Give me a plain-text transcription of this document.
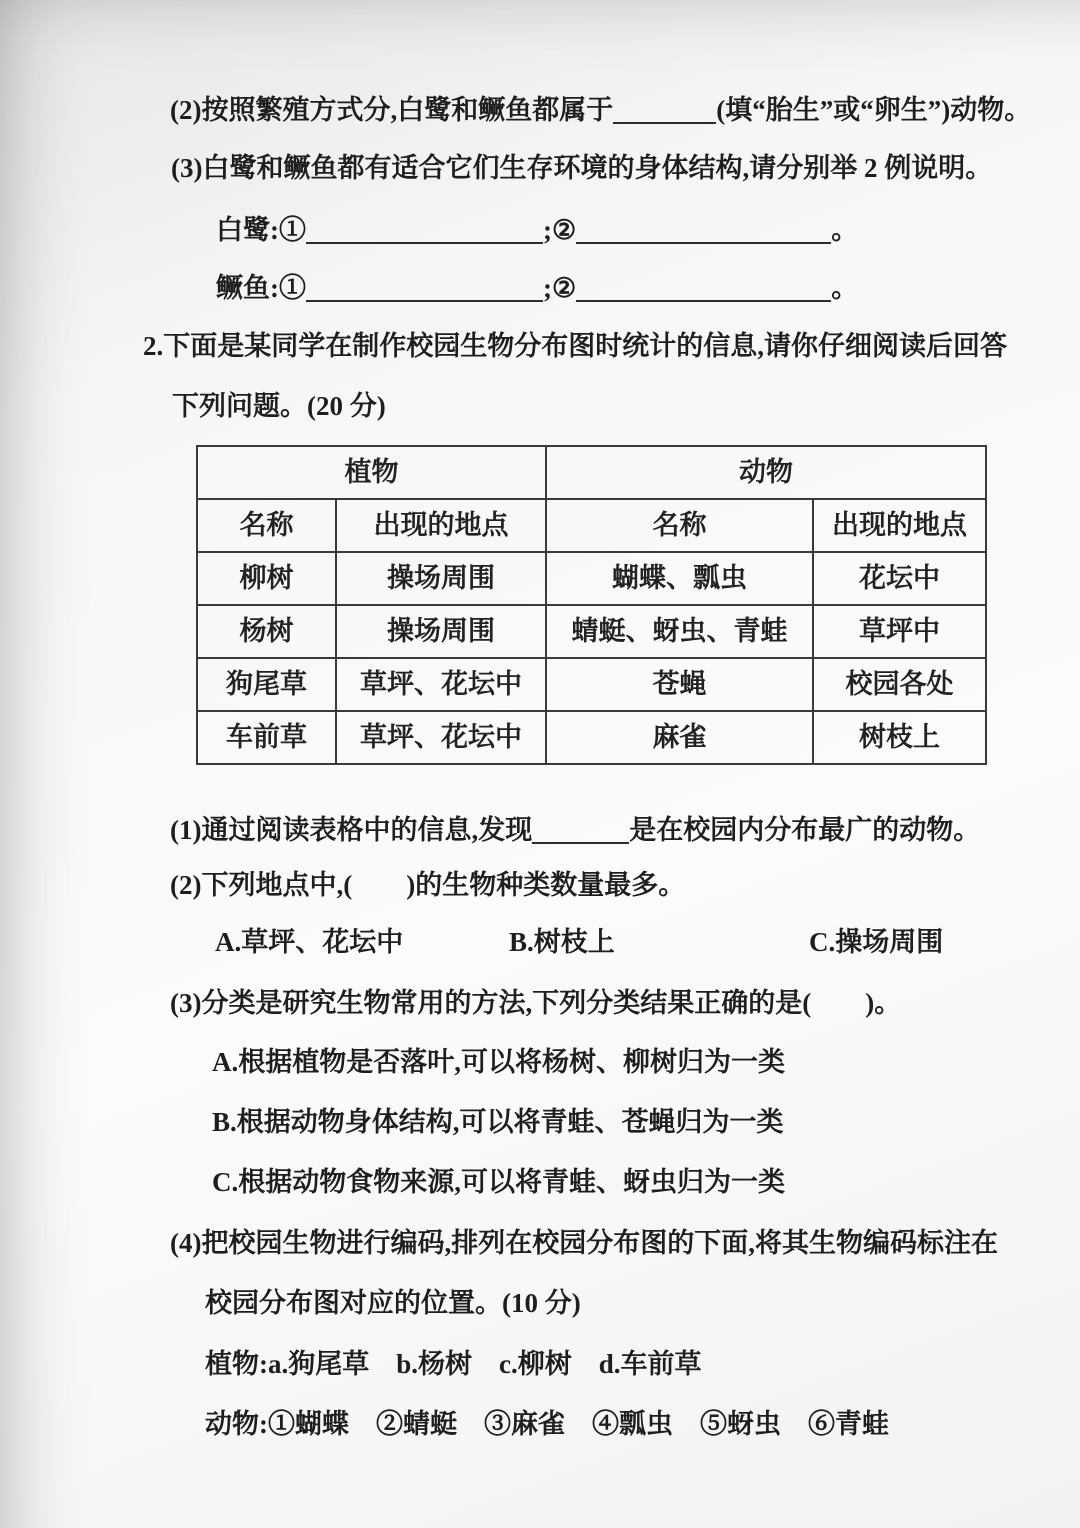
(2)按照繁殖方式分,白鹭和鳜鱼都属于	(填“胎生”或“卵生”)动物。
(3)白鹭和鳜鱼都有适合它们生存环境的身体结构,请分别举 2 例说明。
白鹭:①	;②	。
鳜鱼:①	;②	。
2.下面是某同学在制作校园生物分布图时统计的信息,请你仔细阅读后回答
下列问题。(20 分)
植物		动物	
名称	出现的地点	名称	出现的地点
柳树	操场周围	蝴蝶、瓢虫	花坛中
杨树	操场周围	蜻蜓、蚜虫、青蛙	草坪中
狗尾草	草坪、花坛中	苍蝇	校园各处
车前草	草坪、花坛中	麻雀	树枝上
(1)通过阅读表格中的信息,发现	是在校园内分布最广的动物。
(2)下列地点中,(　　)的生物种类数量最多。
A.草坪、花坛中	B.树枝上	C.操场周围
(3)分类是研究生物常用的方法,下列分类结果正确的是(　　)。
A.根据植物是否落叶,可以将杨树、柳树归为一类
B.根据动物身体结构,可以将青蛙、苍蝇归为一类
C.根据动物食物来源,可以将青蛙、蚜虫归为一类
(4)把校园生物进行编码,排列在校园分布图的下面,将其生物编码标注在
校园分布图对应的位置。(10 分)
植物:a.狗尾草　b.杨树　c.柳树　d.车前草
动物:①蝴蝶　②蜻蜓　③麻雀　④瓢虫　⑤蚜虫　⑥青蛙
